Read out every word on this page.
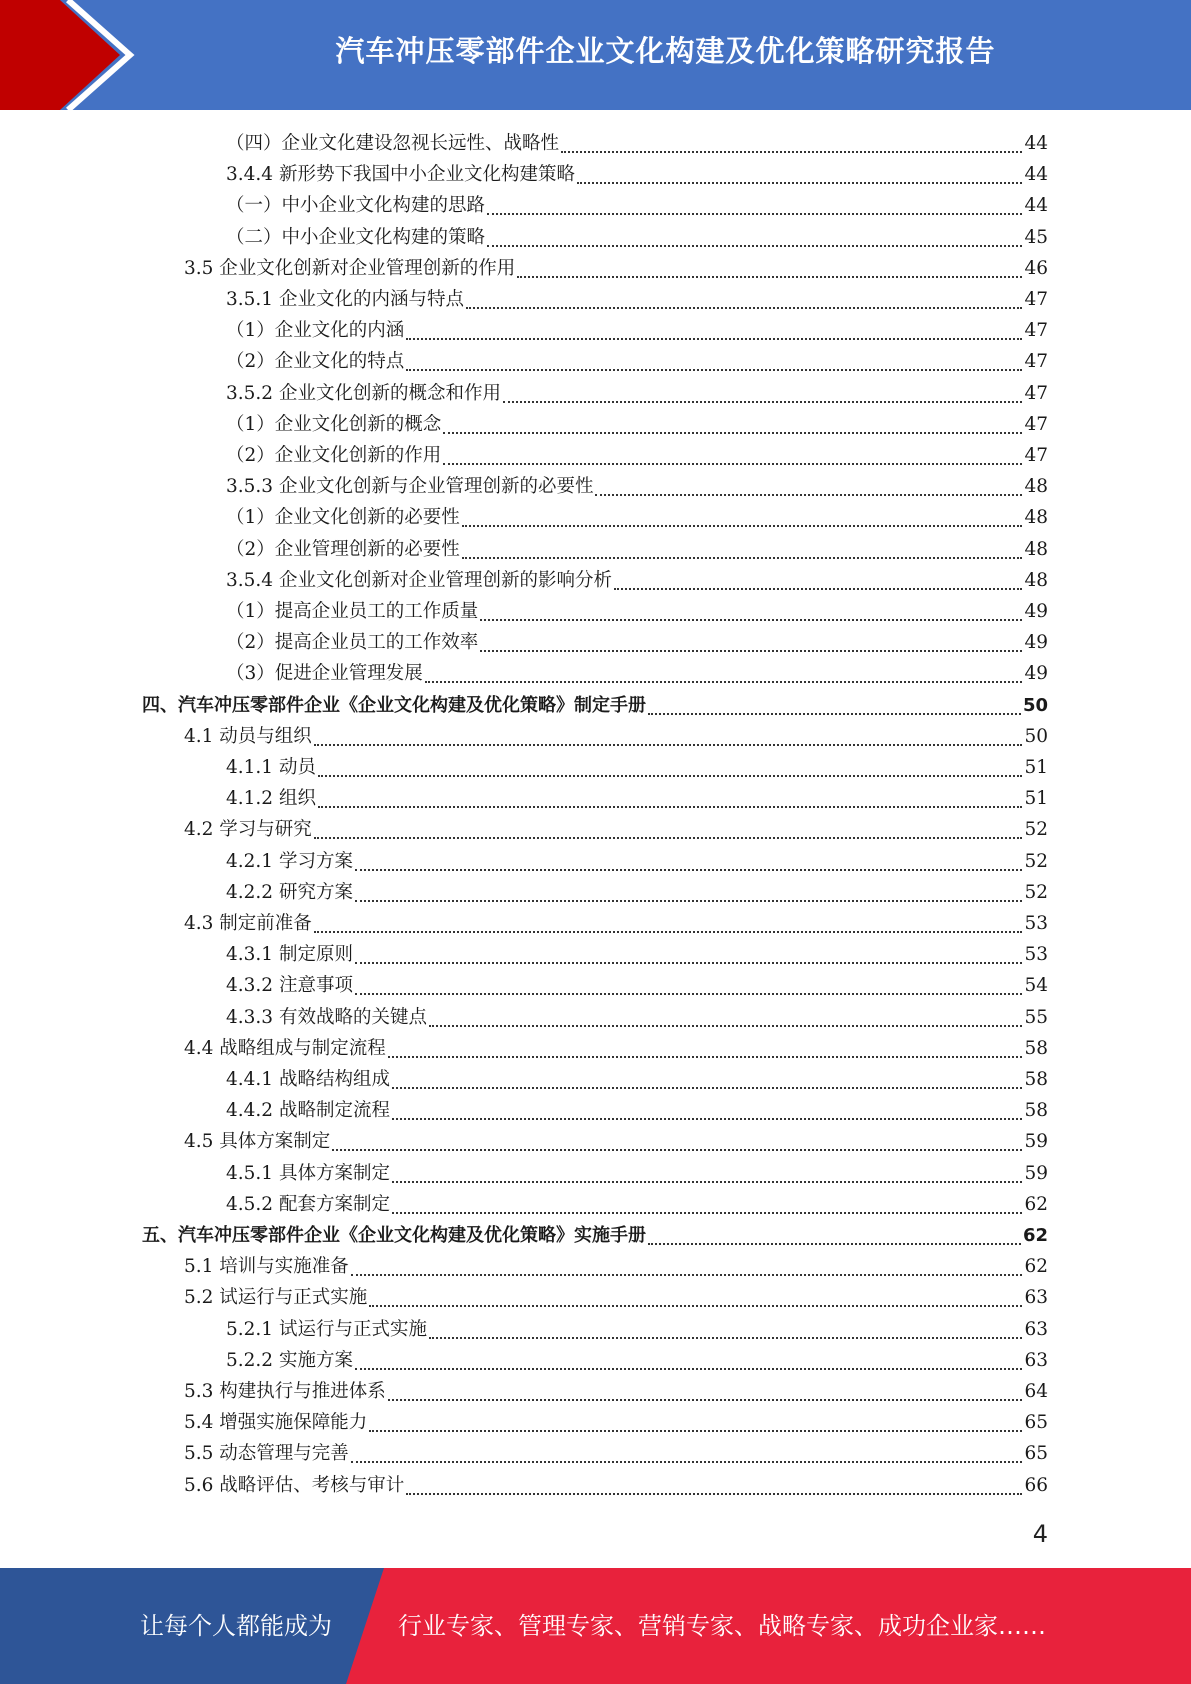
汽车冲压零部件企业文化构建及优化策略研究报告
（四）企业文化建设忽视长远性、战略性	44
3.4.4 新形势下我国中小企业文化构建策略	44
（一）中小企业文化构建的思路	44
（二）中小企业文化构建的策略	45
3.5 企业文化创新对企业管理创新的作用	46
3.5.1 企业文化的内涵与特点	47
（1）企业文化的内涵	47
（2）企业文化的特点	47
3.5.2 企业文化创新的概念和作用	47
（1）企业文化创新的概念	47
（2）企业文化创新的作用	47
3.5.3 企业文化创新与企业管理创新的必要性	48
（1）企业文化创新的必要性	48
（2）企业管理创新的必要性	48
3.5.4 企业文化创新对企业管理创新的影响分析	48
（1）提高企业员工的工作质量	49
（2）提高企业员工的工作效率	49
（3）促进企业管理发展	49
四、汽车冲压零部件企业《企业文化构建及优化策略》制定手册	50
4.1 动员与组织	50
4.1.1 动员	51
4.1.2 组织	51
4.2 学习与研究	52
4.2.1 学习方案	52
4.2.2 研究方案	52
4.3 制定前准备	53
4.3.1 制定原则	53
4.3.2 注意事项	54
4.3.3 有效战略的关键点	55
4.4 战略组成与制定流程	58
4.4.1 战略结构组成	58
4.4.2 战略制定流程	58
4.5 具体方案制定	59
4.5.1 具体方案制定	59
4.5.2 配套方案制定	62
五、汽车冲压零部件企业《企业文化构建及优化策略》实施手册	62
5.1 培训与实施准备	62
5.2 试运行与正式实施	63
5.2.1 试运行与正式实施	63
5.2.2 实施方案	63
5.3 构建执行与推进体系	64
5.4 增强实施保障能力	65
5.5 动态管理与完善	65
5.6 战略评估、考核与审计	66
4
让每个人都能成为	行业专家、管理专家、营销专家、战略专家、成功企业家……
